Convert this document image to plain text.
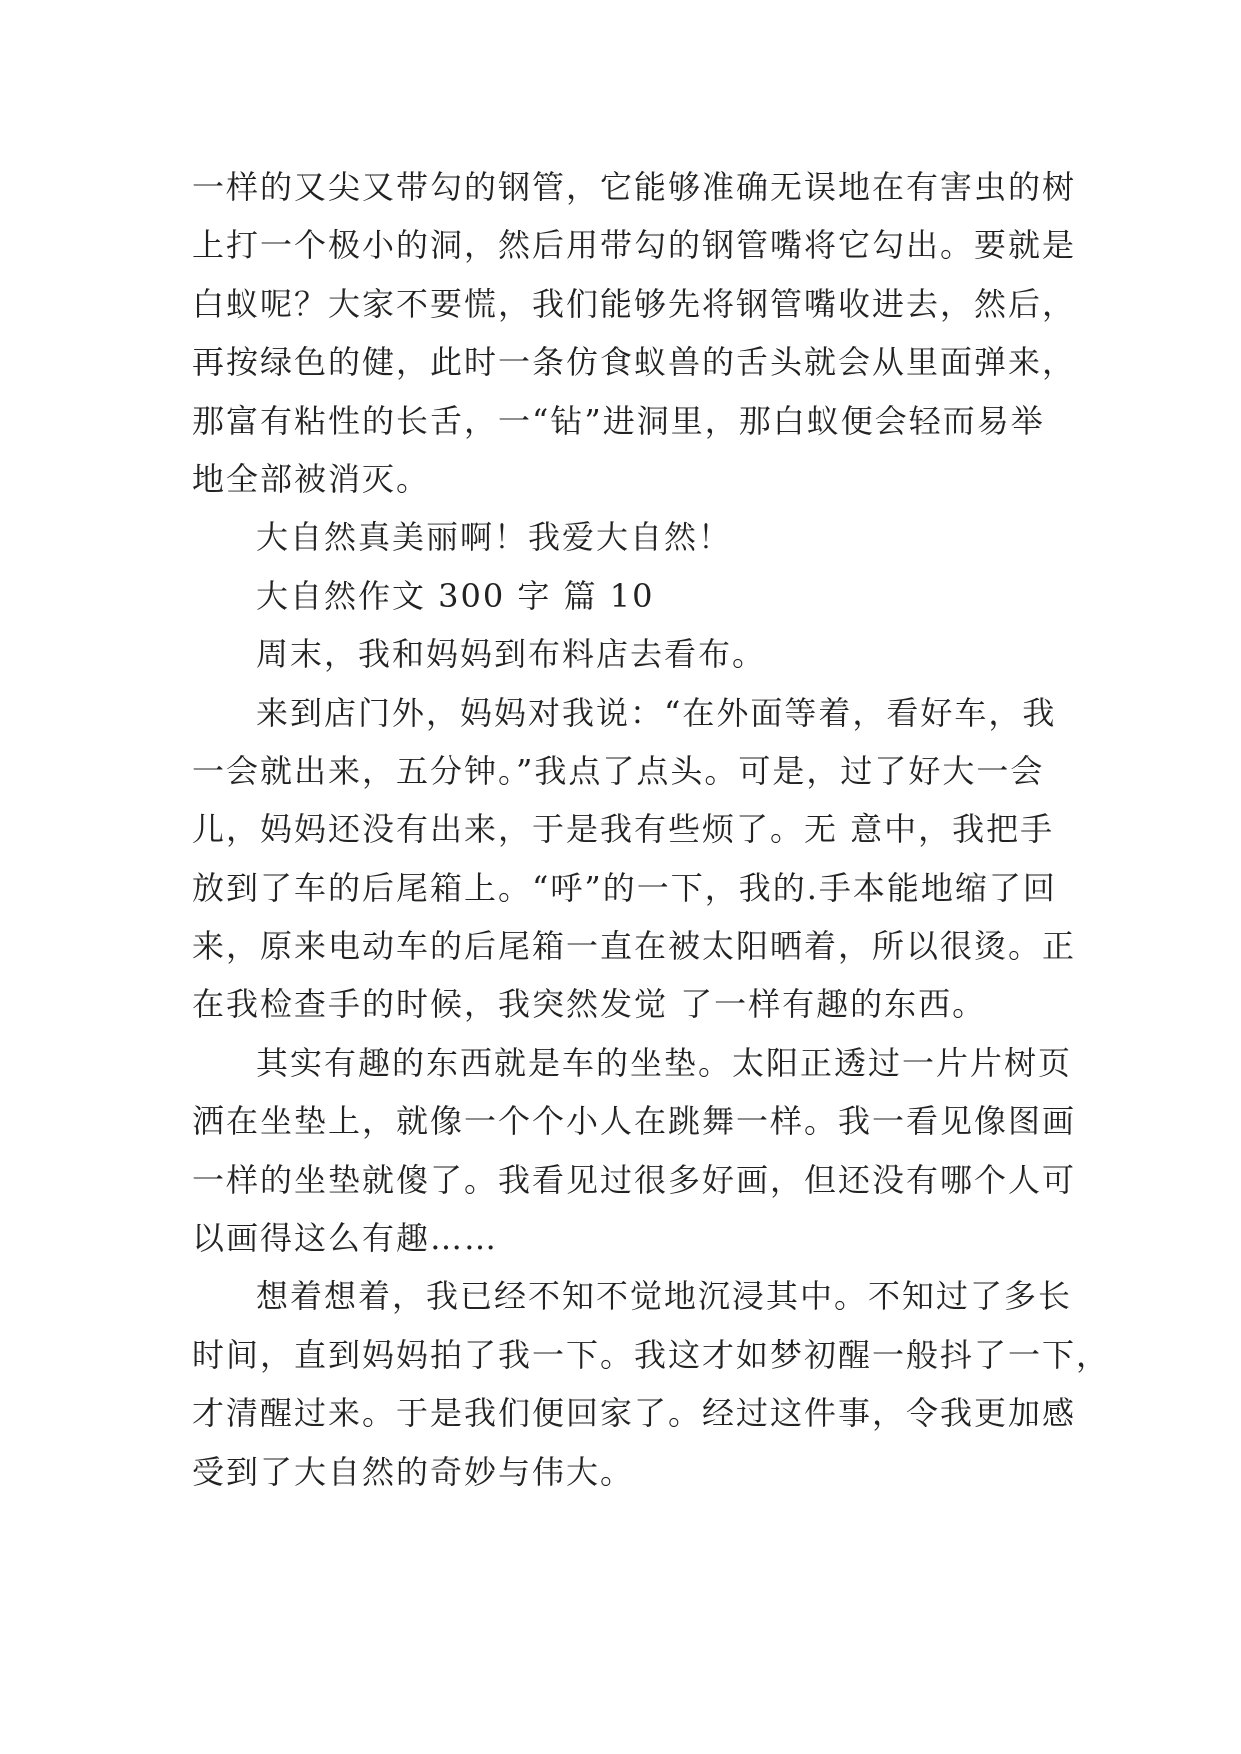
一样的又尖又带勾的钢管，它能够准确无误地在有害虫的树
上打一个极小的洞，然后用带勾的钢管嘴将它勾出。要就是
白蚁呢？大家不要慌，我们能够先将钢管嘴收进去，然后，
再按绿色的健，此时一条仿食蚁兽的舌头就会从里面弹来，
那富有粘性的长舌，一“钻”进洞里，那白蚁便会轻而易举
地全部被消灭。
大自然真美丽啊！我爱大自然！
大自然作文 300 字 篇 10
周末，我和妈妈到布料店去看布。
来到店门外，妈妈对我说：“在外面等着，看好车，我
一会就出来，五分钟。”我点了点头。可是，过了好大一会
儿，妈妈还没有出来，于是我有些烦了。无 意中，我把手
放到了车的后尾箱上。“呼”的一下，我的.手本能地缩了回
来，原来电动车的后尾箱一直在被太阳晒着，所以很烫。正
在我检查手的时候，我突然发觉 了一样有趣的东西。
其实有趣的东西就是车的坐垫。太阳正透过一片片树页
洒在坐垫上，就像一个个小人在跳舞一样。我一看见像图画
一样的坐垫就傻了。我看见过很多好画，但还没有哪个人可
以画得这么有趣……
想着想着，我已经不知不觉地沉浸其中。不知过了多长
时间，直到妈妈拍了我一下。我这才如梦初醒一般抖了一下，
才清醒过来。于是我们便回家了。经过这件事，令我更加感
受到了大自然的奇妙与伟大。
